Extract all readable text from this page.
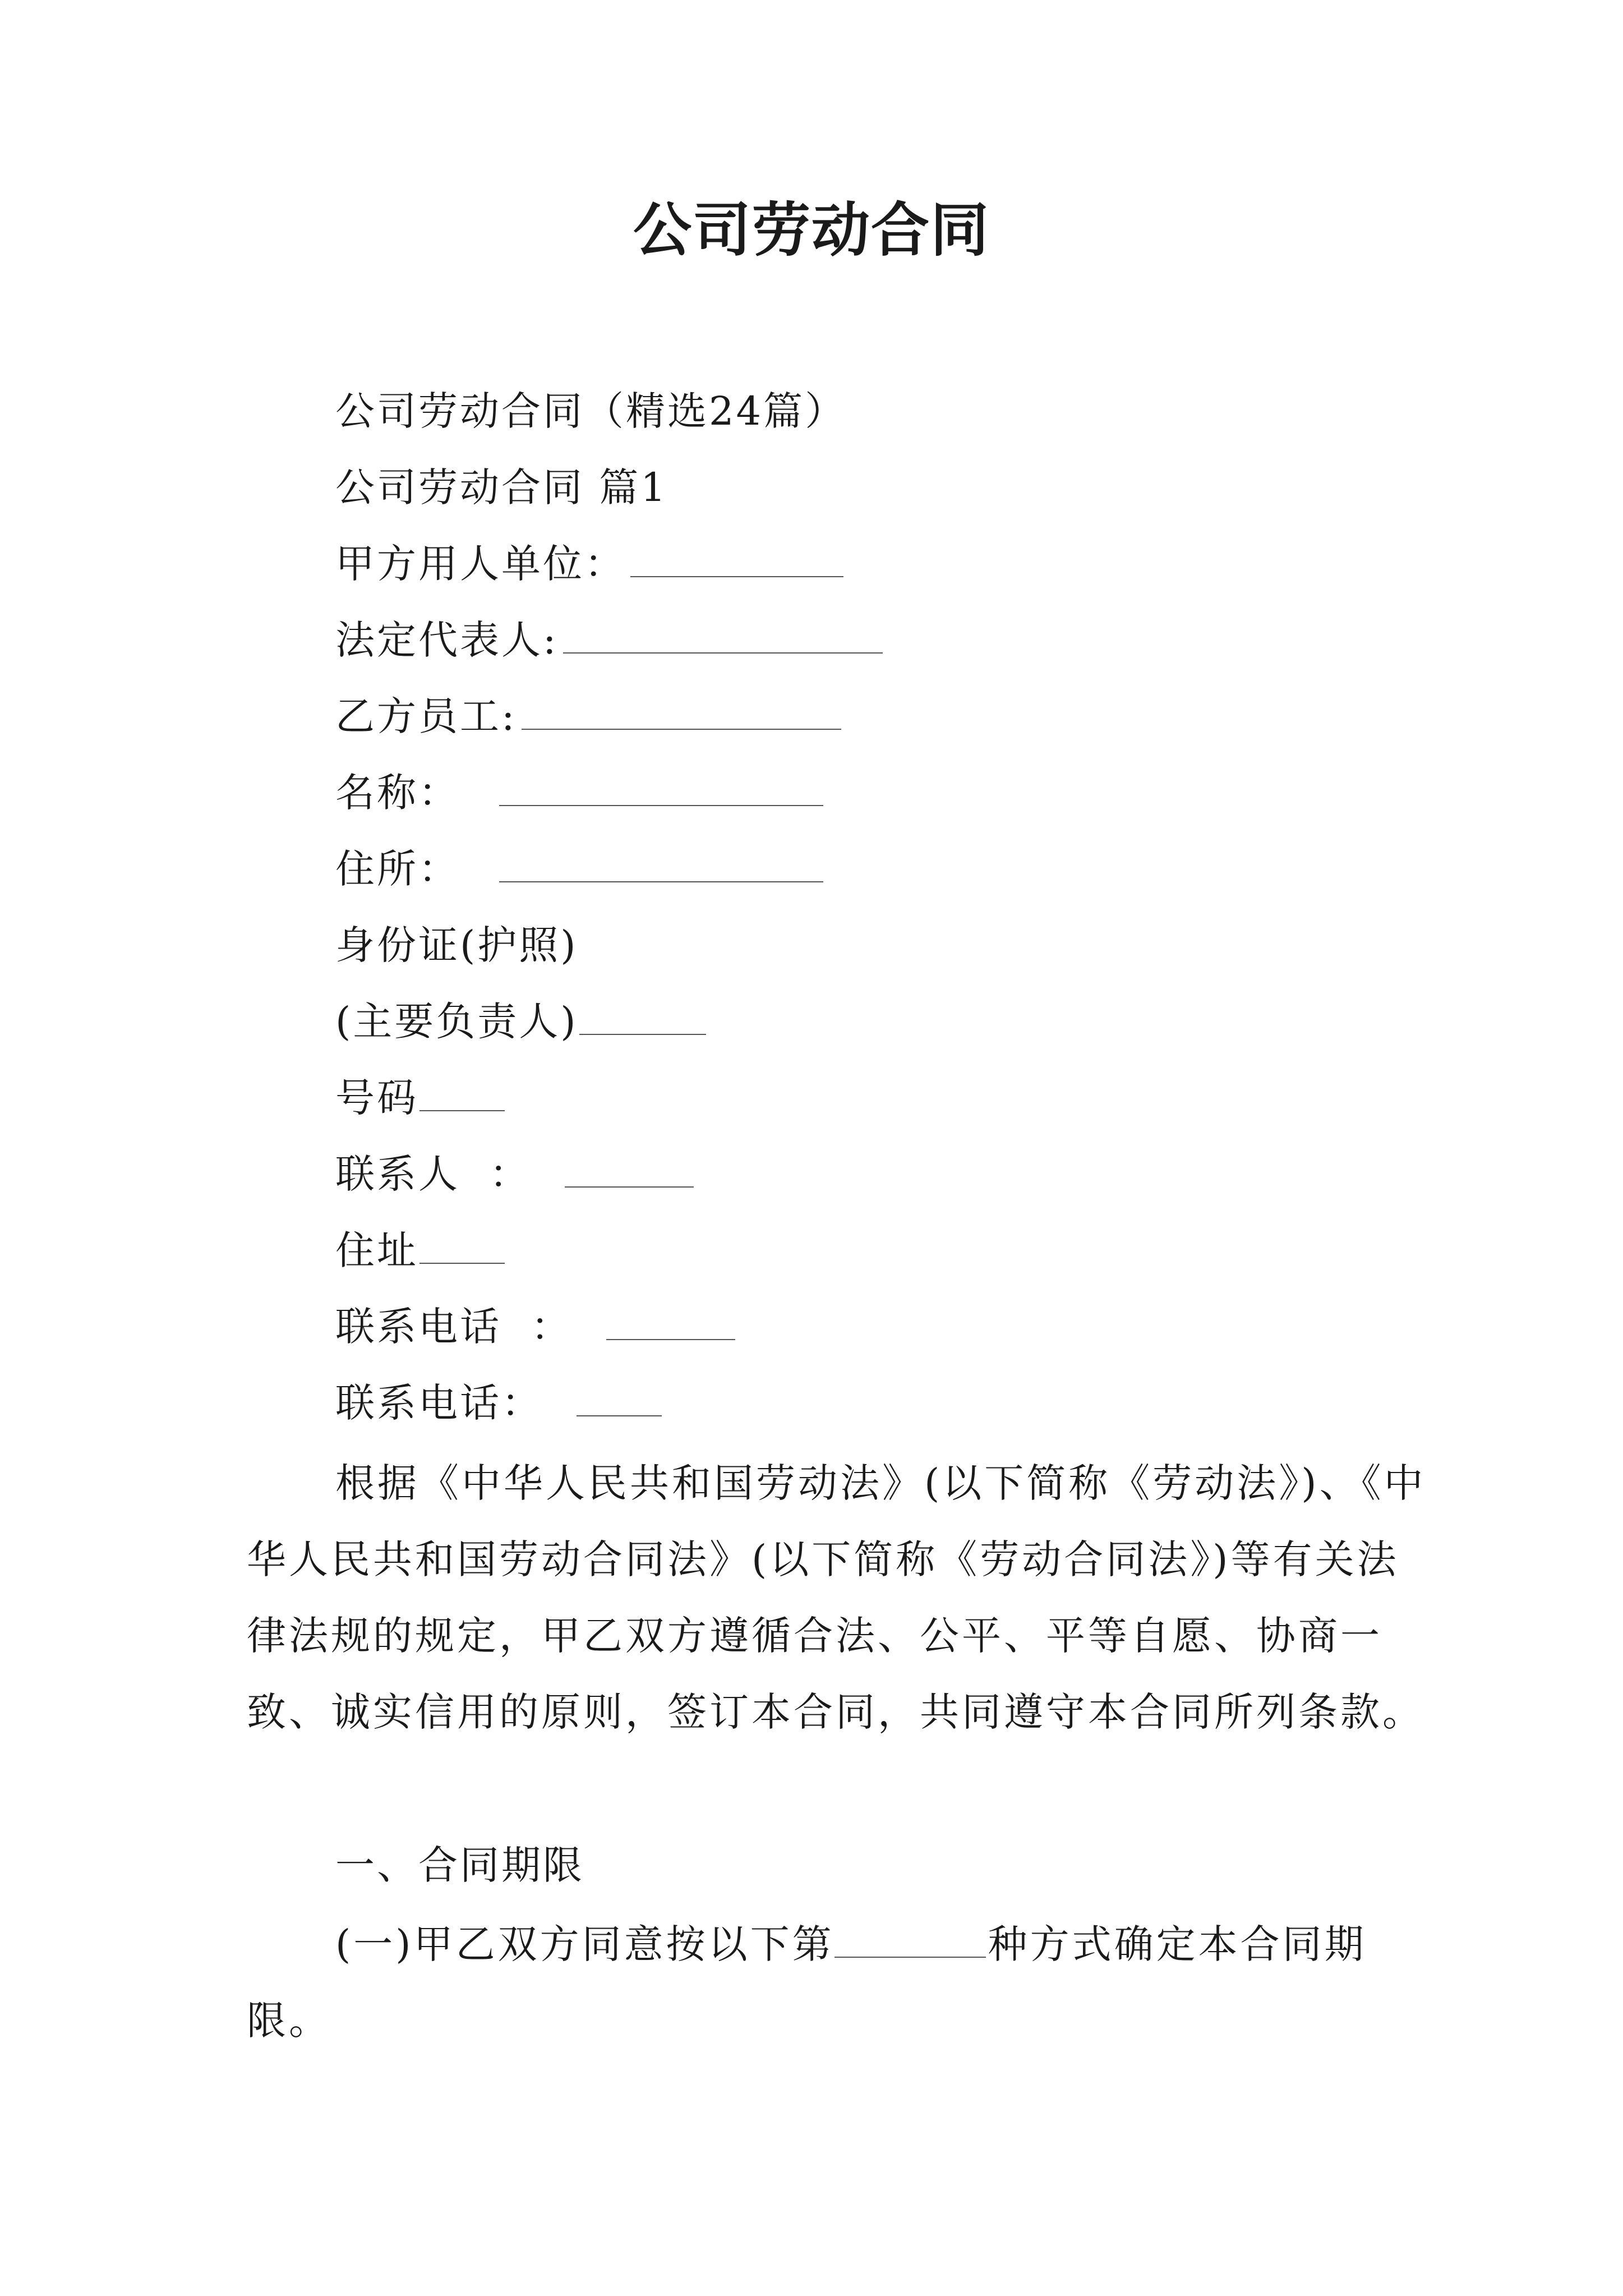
公司劳动合同
公司劳动合同（精选24篇）
公司劳动合同 篇1
甲方用人单位：
法定代表人:
乙方员工:
名称：
住所：
身份证(护照)
(主要负责人)
号码
联系人  ：
住址
联系电话  ：
联系电话：
根据《中华人民共和国劳动法》(以下简称《劳动法》)、《中华人民共和国劳动合同法》(以下简称《劳动合同法》)等有关法律法规的规定，甲乙双方遵循合法、公平、平等自愿、协商一致、诚实信用的原则，签订本合同，共同遵守本合同所列条款。
一、合同期限
(一)甲乙双方同意按以下第	种方式确定本合同期限。
